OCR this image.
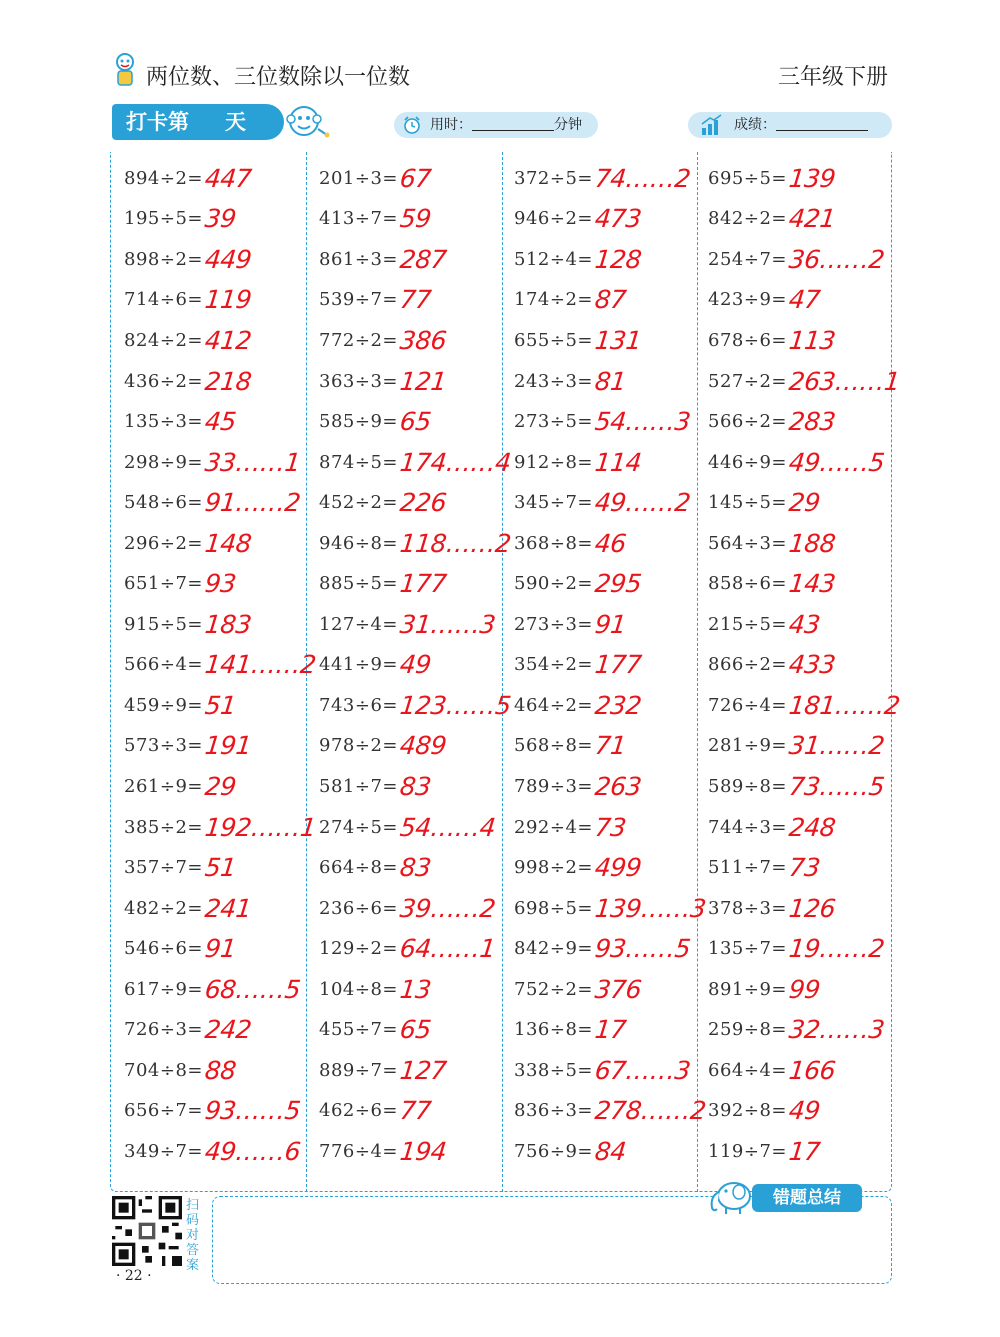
两位数、三位数除以一位数	三年级下册
打卡第 天	用时：	分钟	成绩：
894÷2= 447
195÷5= 39
898÷2= 449
714÷6= 119
824÷2= 412
436÷2= 218
135÷3= 45
298÷9= 33……1
548÷6= 91……2
296÷2= 148
651÷7= 93
915÷5= 183
566÷4= 141……2
459÷9= 51
573÷3= 191
261÷9= 29
385÷2= 192……1
357÷7= 51
482÷2= 241
546÷6= 91
617÷9= 68……5
726÷3= 242
704÷8= 88
656÷7= 93……5
349÷7= 49……6
201÷3= 67
413÷7= 59
861÷3= 287
539÷7= 77
772÷2= 386
363÷3= 121
585÷9= 65
874÷5= 174……4
452÷2= 226
946÷8= 118……2
885÷5= 177
127÷4= 31……3
441÷9= 49
743÷6= 123……5
978÷2= 489
581÷7= 83
274÷5= 54……4
664÷8= 83
236÷6= 39……2
129÷2= 64……1
104÷8= 13
455÷7= 65
889÷7= 127
462÷6= 77
776÷4= 194
372÷5= 74……2
946÷2= 473
512÷4= 128
174÷2= 87
655÷5= 131
243÷3= 81
273÷5= 54……3
912÷8= 114
345÷7= 49……2
368÷8= 46
590÷2= 295
273÷3= 91
354÷2= 177
464÷2= 232
568÷8= 71
789÷3= 263
292÷4= 73
998÷2= 499
698÷5= 139……3
842÷9= 93……5
752÷2= 376
136÷8= 17
338÷5= 67……3
836÷3= 278……2
756÷9= 84
695÷5= 139
842÷2= 421
254÷7= 36……2
423÷9= 47
678÷6= 113
527÷2= 263……1
566÷2= 283
446÷9= 49……5
145÷5= 29
564÷3= 188
858÷6= 143
215÷5= 43
866÷2= 433
726÷4= 181……2
281÷9= 31……2
589÷8= 73……5
744÷3= 248
511÷7= 73
378÷3= 126
135÷7= 19……2
891÷9= 99
259÷8= 32……3
664÷4= 166
392÷8= 49
119÷7= 17
错题总结
扫码对答案
· 22 ·
